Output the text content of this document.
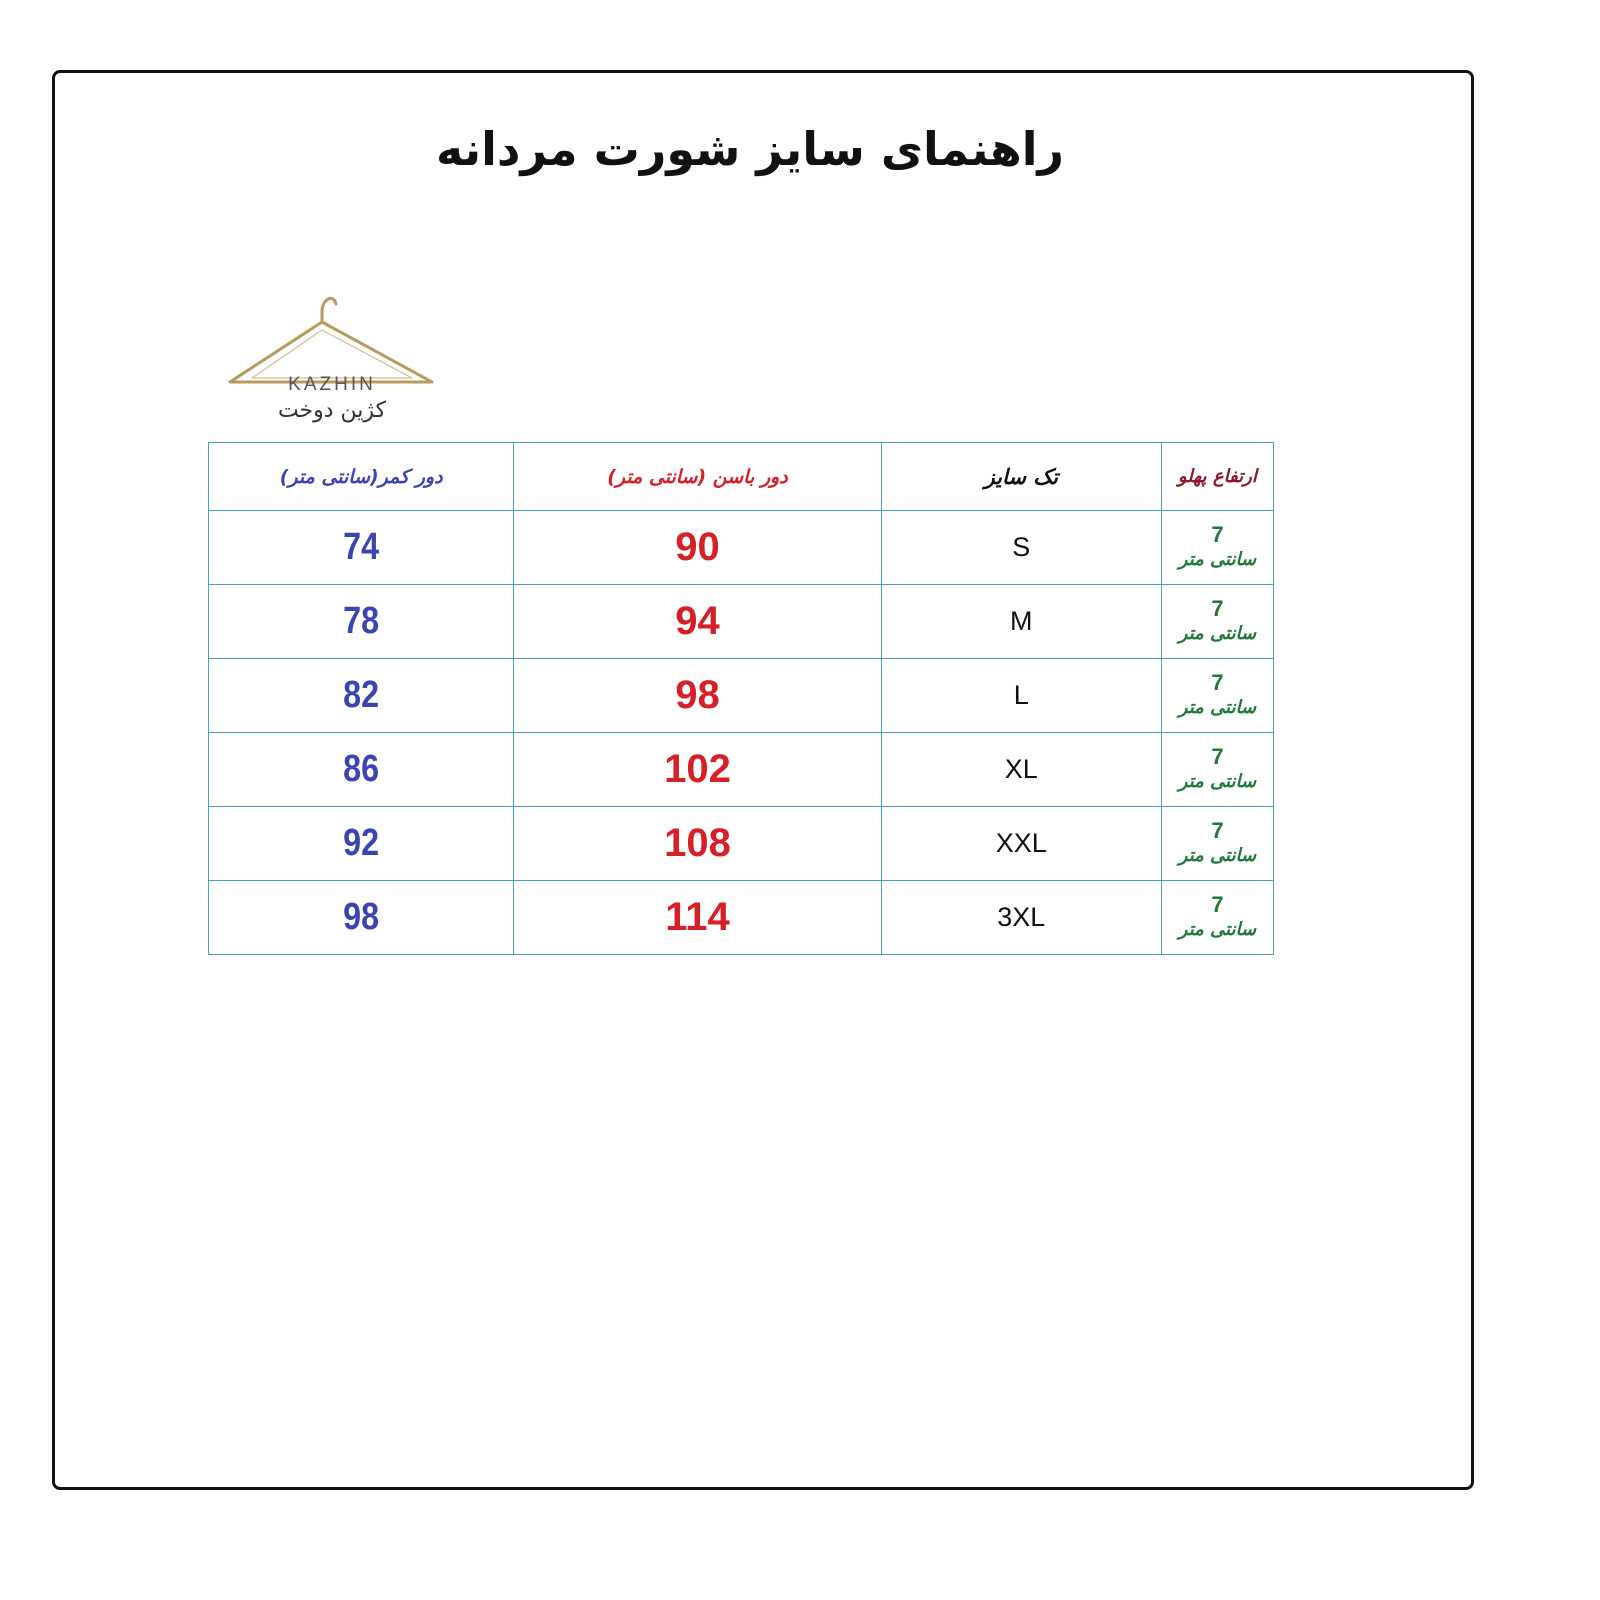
راهنمای سایز شورت مردانه
KAZHIN
کژین دوخت
دور کمر(سانتی متر)	دور باسن (سانتی متر)	تک سایز	ارتفاع پهلو
74	90	S	7
سانتی متر

78	94	M	7
سانتی متر

82	98	L	7
سانتی متر

86	102	XL	7
سانتی متر

92	108	XXL	7
سانتی متر

98	114	3XL	7
سانتی متر
